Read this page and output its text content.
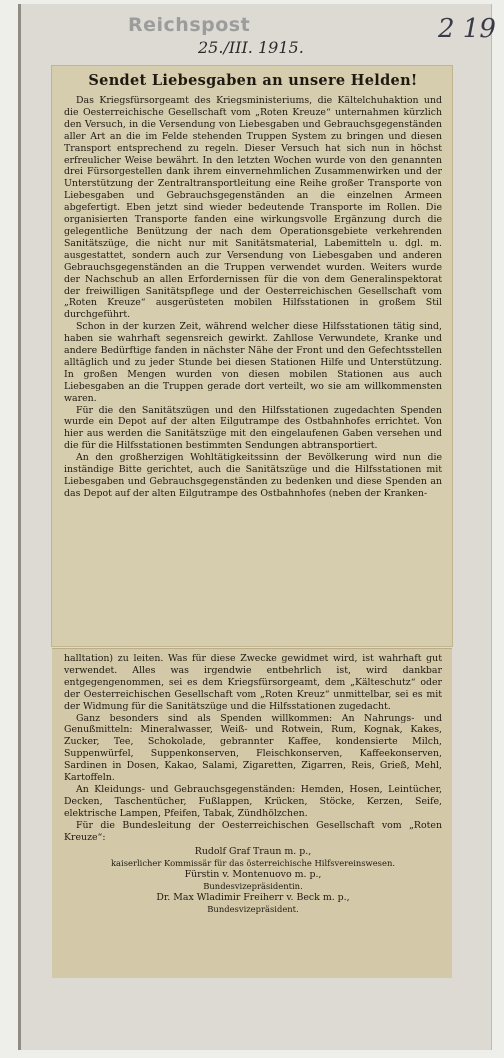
Reichspost
25./III. 1915.
2 19
Sendet Liebesgaben an unsere Helden!

Das Kriegsfürsorgeamt des Kriegsministeriums, die Kältelchuhaktion und die Oesterreichische Gesellschaft vom „Roten Kreuze“ unternahmen kürzlich den Versuch, in die Versendung von Liebesgaben und Gebrauchsgegenständen aller Art an die im Felde stehenden Truppen System zu bringen und diesen Transport entsprechend zu regeln. Dieser Versuch hat sich nun in höchst erfreulicher Weise bewährt. In den letzten Wochen wurde von den genannten drei Fürsorgestellen dank ihrem einvernehmlichen Zusammenwirken und der Unterstützung der Zentraltransportleitung eine Reihe großer Transporte von Liebesgaben und Gebrauchsgegenständen an die einzelnen Armeen abgefertigt. Eben jetzt sind wieder bedeutende Transporte im Rollen. Die organisierten Transporte fanden eine wirkungsvolle Ergänzung durch die gelegentliche Benützung der nach dem Operationsgebiete verkehrenden Sanitätszüge, die nicht nur mit Sanitätsmaterial, Labemitteln u. dgl. m. ausgestattet, sondern auch zur Versendung von Liebesgaben und anderen Gebrauchsgegenständen an die Truppen verwendet wurden. Weiters wurde der Nachschub an allen Erfordernissen für die von dem Generalinspektorat der freiwilligen Sanitätspflege und der Oesterreichischen Gesellschaft vom „Roten Kreuze“ ausgerüsteten mobilen Hilfsstationen in großem Stil durchgeführt.

Schon in der kurzen Zeit, während welcher diese Hilfsstationen tätig sind, haben sie wahrhaft segensreich gewirkt. Zahllose Verwundete, Kranke und andere Bedürftige fanden in nächster Nähe der Front und den Gefechtsstellen alltäglich und zu jeder Stunde bei diesen Stationen Hilfe und Unterstützung. In großen Mengen wurden von diesen mobilen Stationen aus auch Liebesgaben an die Truppen gerade dort verteilt, wo sie am willkommensten waren.

Für die den Sanitätszügen und den Hilfsstationen zugedachten Spenden wurde ein Depot auf der alten Eilgutrampe des Ostbahnhofes errichtet. Von hier aus werden die Sanitätszüge mit den eingelaufenen Gaben versehen und die für die Hilfsstationen bestimmten Sendungen abtransportiert.

An den großherzigen Wohltätigkeitssinn der Bevölkerung wird nun die inständige Bitte gerichtet, auch die Sanitätszüge und die Hilfsstationen mit Liebesgaben und Gebrauchsgegenständen zu bedenken und diese Spenden an das Depot auf der alten Eilgutrampe des Ostbahnhofes (neben der Kranken-

halltation) zu leiten. Was für diese Zwecke gewidmet wird, ist wahrhaft gut verwendet. Alles was irgendwie entbehrlich ist, wird dankbar entgegengenommen, sei es dem Kriegsfürsorgeamt, dem „Kälteschutz“ oder der Oesterreichischen Gesellschaft vom „Roten Kreuz“ unmittelbar, sei es mit der Widmung für die Sanitätszüge und die Hilfsstationen zugedacht.

Ganz besonders sind als Spenden willkommen: An Nahrungs- und Genußmitteln: Mineralwasser, Weiß- und Rotwein, Rum, Kognak, Kakes, Zucker, Tee, Schokolade, gebrannter Kaffee, kondensierte Milch, Suppenwürfel, Suppenkonserven, Fleischkonserven, Kaffeekonserven, Sardinen in Dosen, Kakao, Salami, Zigaretten, Zigarren, Reis, Grieß, Mehl, Kartoffeln.

An Kleidungs- und Gebrauchsgegenständen: Hemden, Hosen, Leintücher, Decken, Taschentücher, Fußlappen, Krücken, Stöcke, Kerzen, Seife, elektrische Lampen, Pfeifen, Tabak, Zündhölzchen.

Für die Bundesleitung der Oesterreichischen Gesellschaft vom „Roten Kreuze“:

Rudolf Graf Traun m. p.,

kaiserlicher Kommissär für das österreichische Hilfsvereinswesen.

Fürstin v. Montenuovo m. p.,

Bundesvizepräsidentin.

Dr. Max Wladimir Freiherr v. Beck m. p.,

Bundesvizepräsident.
